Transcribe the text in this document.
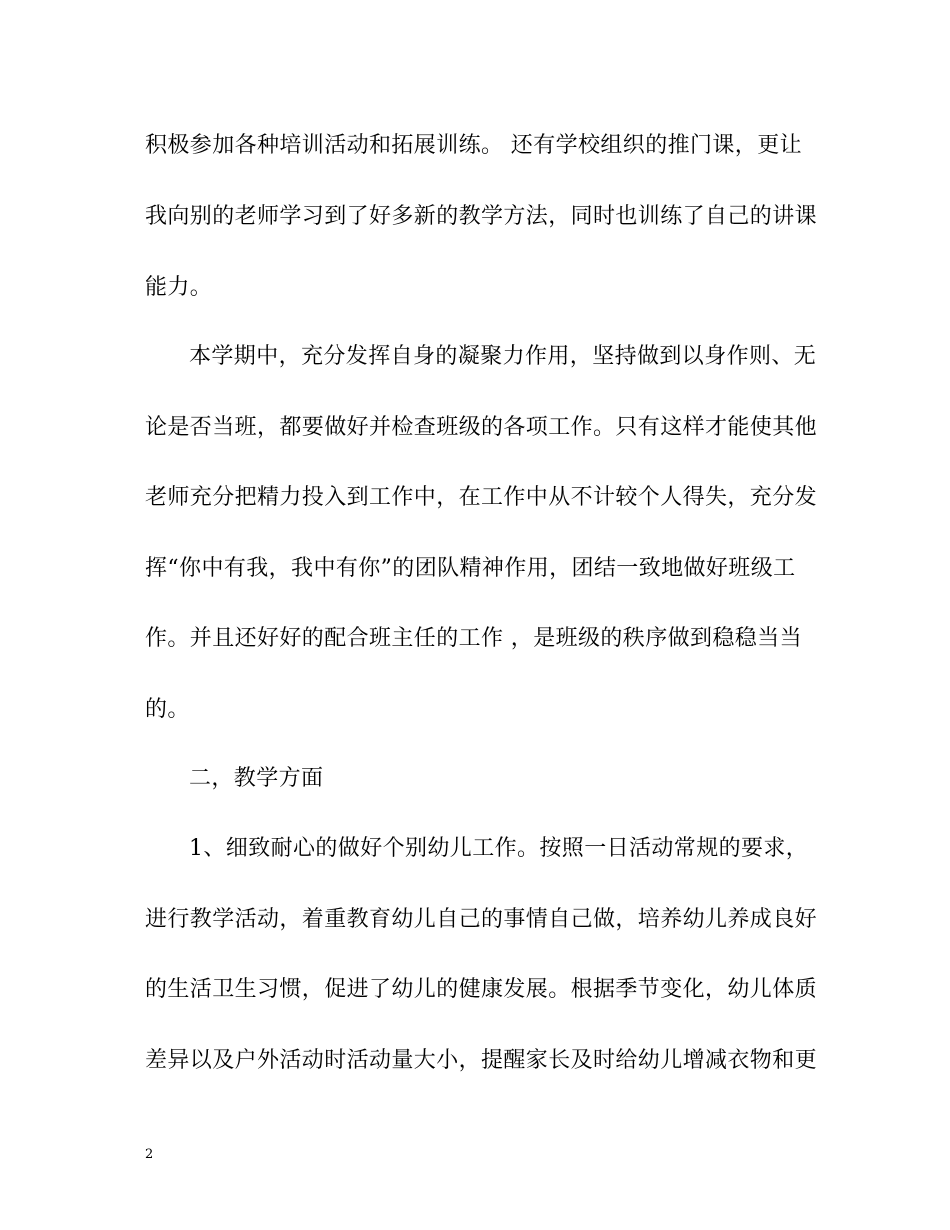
积极参加各种培训活动和拓展训练。 还有学校组织的推门课，更让
我向别的老师学习到了好多新的教学方法，同时也训练了自己的讲课
能力。
本学期中，充分发挥自身的凝聚力作用，坚持做到以身作则、无
论是否当班，都要做好并检查班级的各项工作。只有这样才能使其他
老师充分把精力投入到工作中，在工作中从不计较个人得失，充分发
挥“你中有我，我中有你”的团队精神作用，团结一致地做好班级工
作。并且还好好的配合班主任的工作 ，是班级的秩序做到稳稳当当
的。
二，教学方面
1、细致耐心的做好个别幼儿工作。按照一日活动常规的要求，
进行教学活动，着重教育幼儿自己的事情自己做，培养幼儿养成良好
的生活卫生习惯，促进了幼儿的健康发展。根据季节变化，幼儿体质
差异以及户外活动时活动量大小，提醒家长及时给幼儿增减衣物和更
2
